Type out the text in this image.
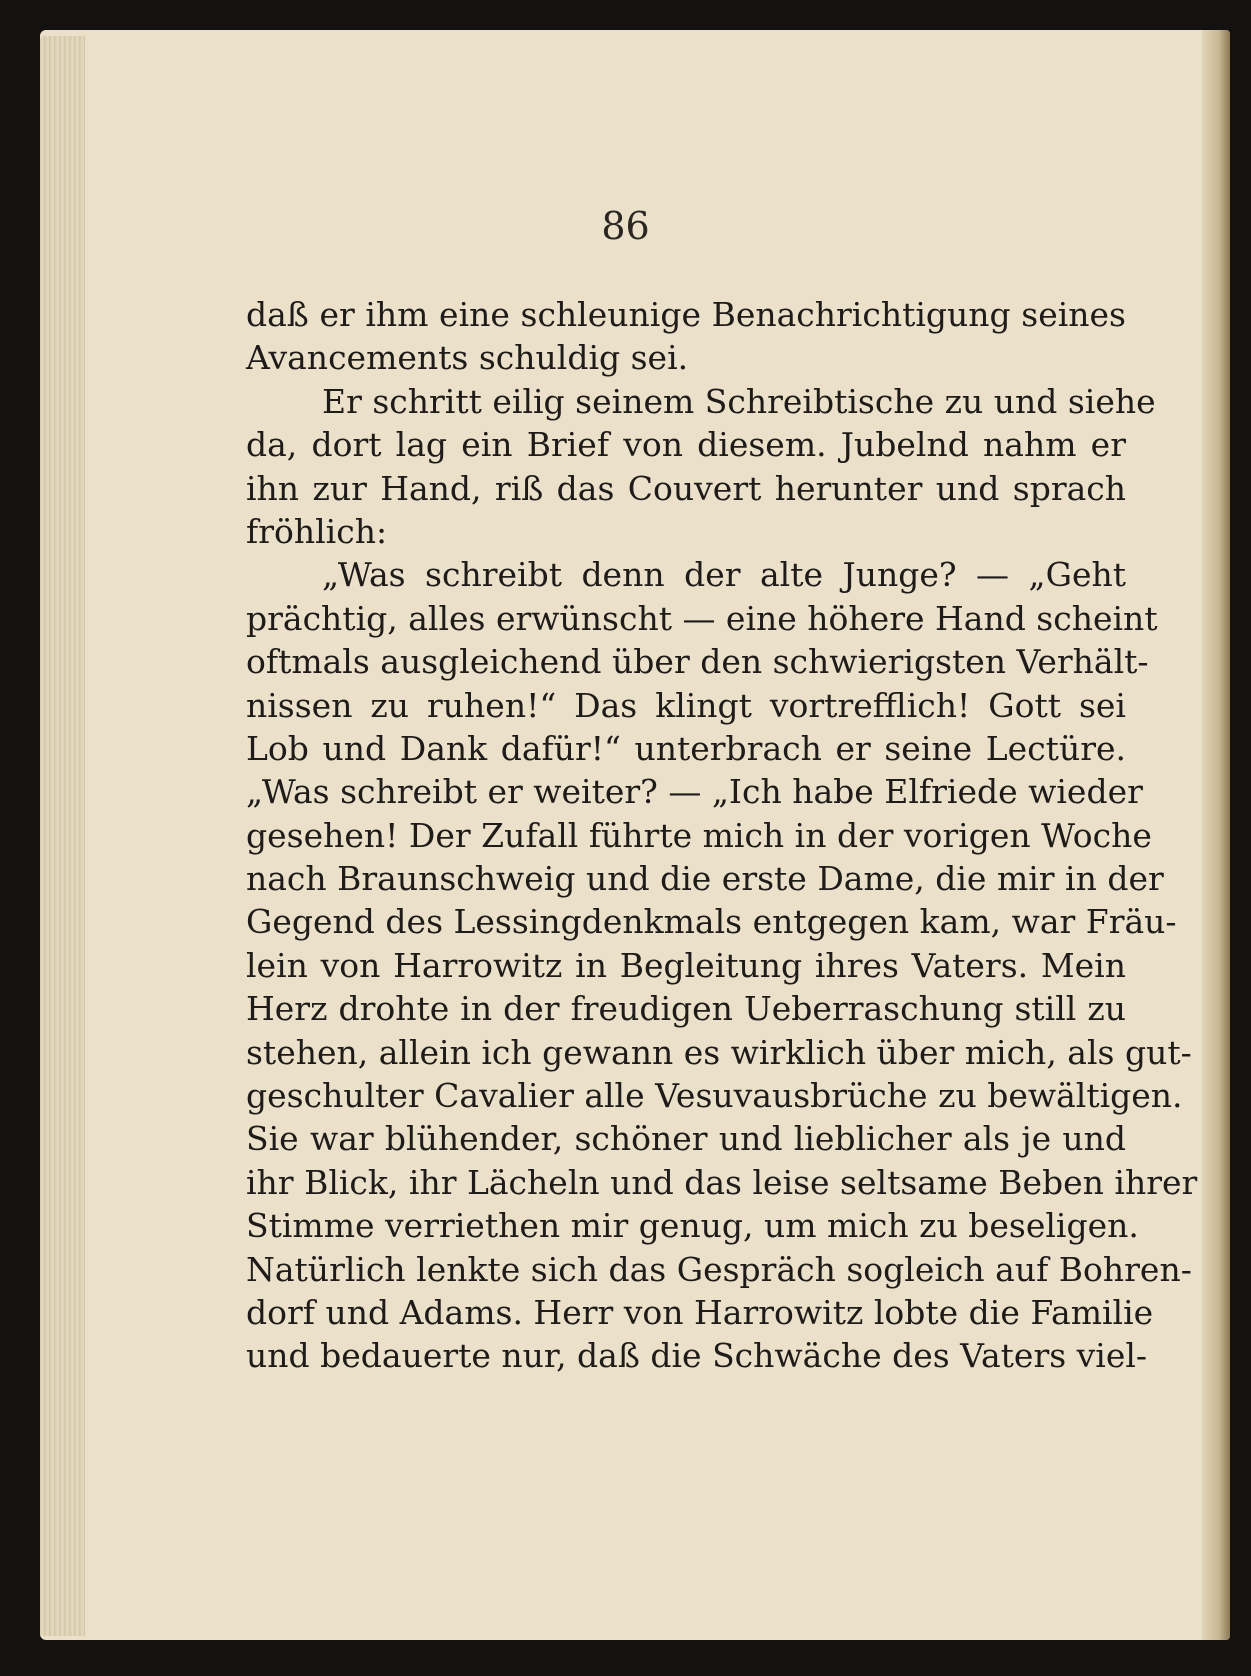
86
daß er ihm eine schleunige Benachrichtigung seines
Avancements schuldig sei.
Er schritt eilig seinem Schreibtische zu und siehe
da, dort lag ein Brief von diesem. Jubelnd nahm er
ihn zur Hand, riß das Couvert herunter und sprach
fröhlich:
„Was schreibt denn der alte Junge? — „Geht
prächtig, alles erwünscht — eine höhere Hand scheint
oftmals ausgleichend über den schwierigsten Verhält-
nissen zu ruhen!“ Das klingt vortrefflich! Gott sei
Lob und Dank dafür!“ unterbrach er seine Lectüre.
„Was schreibt er weiter? — „Ich habe Elfriede wieder
gesehen! Der Zufall führte mich in der vorigen Woche
nach Braunschweig und die erste Dame, die mir in der
Gegend des Lessingdenkmals entgegen kam, war Fräu-
lein von Harrowitz in Begleitung ihres Vaters. Mein
Herz drohte in der freudigen Ueberraschung still zu
stehen, allein ich gewann es wirklich über mich, als gut-
geschulter Cavalier alle Vesuvausbrüche zu bewältigen.
Sie war blühender, schöner und lieblicher als je und
ihr Blick, ihr Lächeln und das leise seltsame Beben ihrer
Stimme verriethen mir genug, um mich zu beseligen.
Natürlich lenkte sich das Gespräch sogleich auf Bohren-
dorf und Adams. Herr von Harrowitz lobte die Familie
und bedauerte nur, daß die Schwäche des Vaters viel-
